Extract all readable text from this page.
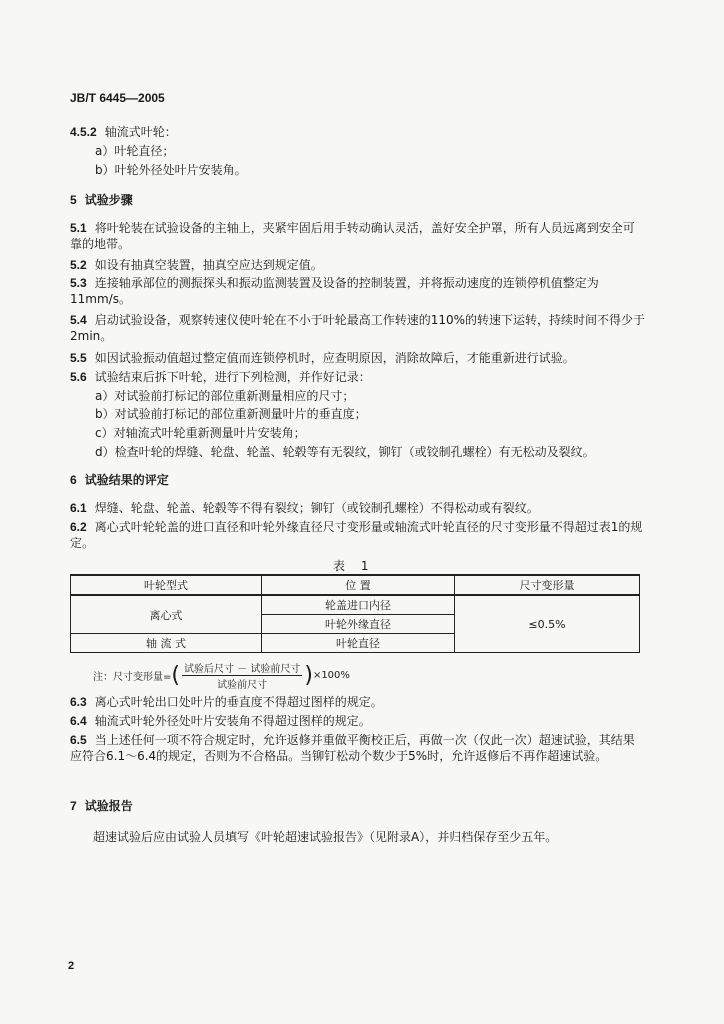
JB/T 6445—2005
4.5.2 轴流式叶轮：
a）叶轮直径；
b）叶轮外径处叶片安装角。
5 试验步骤
5.1 将叶轮装在试验设备的主轴上，夹紧牢固后用手转动确认灵活，盖好安全护罩，所有人员远离到安全可靠的地带。
5.2 如设有抽真空装置，抽真空应达到规定值。
5.3 连接轴承部位的测振探头和振动监测装置及设备的控制装置，并将振动速度的连锁停机值整定为11mm/s。
5.4 启动试验设备，观察转速仪使叶轮在不小于叶轮最高工作转速的110%的转速下运转，持续时间不得少于2min。
5.5 如因试验振动值超过整定值而连锁停机时，应查明原因，消除故障后，才能重新进行试验。
5.6 试验结束后拆下叶轮，进行下列检测，并作好记录：
a）对试验前打标记的部位重新测量相应的尺寸；
b）对试验前打标记的部位重新测量叶片的垂直度；
c）对轴流式叶轮重新测量叶片安装角；
d）检查叶轮的焊缝、轮盘、轮盖、轮毂等有无裂纹，铆钉（或铰制孔螺栓）有无松动及裂纹。
6 试验结果的评定
6.1 焊缝、轮盘、轮盖、轮毂等不得有裂纹；铆钉（或铰制孔螺栓）不得松动或有裂纹。
6.2 离心式叶轮轮盖的进口直径和叶轮外缘直径尺寸变形量或轴流式叶轮直径的尺寸变形量不得超过表1的规定。
表 1
叶轮型式	位 置	尺寸变形量
离心式	轮盖进口内径	≤0.5%
	叶轮外缘直径	
轴 流 式	叶轮直径	
注：尺寸变形量= ( $\frac{\text{试验后尺寸 － 试验前尺寸}}{\text{试验前尺寸}}$ ) ×100%
6.3 离心式叶轮出口处叶片的垂直度不得超过图样的规定。
6.4 轴流式叶轮外径处叶片安装角不得超过图样的规定。
6.5 当上述任何一项不符合规定时，允许返修并重做平衡校正后，再做一次（仅此一次）超速试验，其结果应符合6.1～6.4的规定，否则为不合格品。当铆钉松动个数少于5%时，允许返修后不再作超速试验。
7 试验报告
超速试验后应由试验人员填写《叶轮超速试验报告》（见附录A），并归档保存至少五年。
2
